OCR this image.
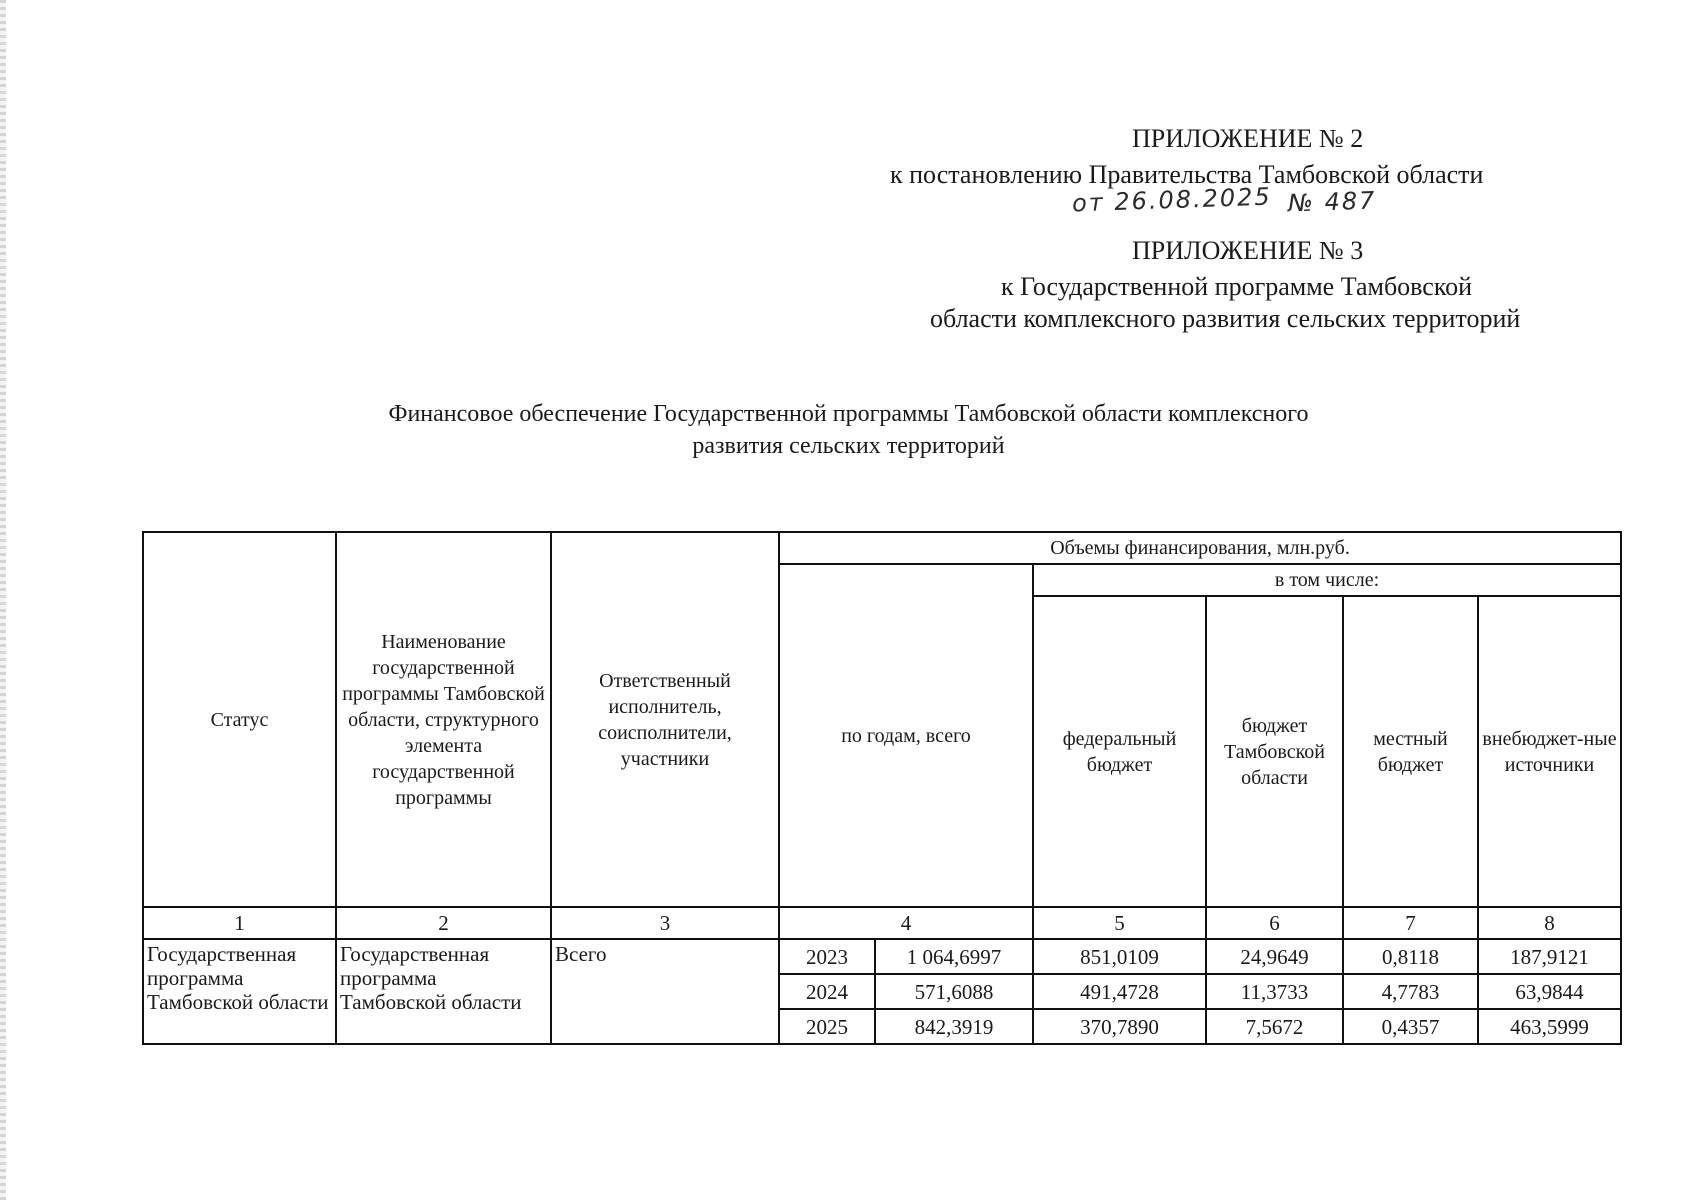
ПРИЛОЖЕНИЕ № 2
к постановлению Правительства Тамбовской области
от 26.08.2025 № 487
ПРИЛОЖЕНИЕ № 3
к Государственной программе Тамбовской
области комплексного развития сельских территорий
Финансовое обеспечение Государственной программы Тамбовской области комплексного
развития сельских территорий
Статус	Наименование государственной программы Тамбовской области, структурного элемента государственной программы	Ответственный исполнитель, соисполнители, участники	Объемы финансирования, млн.руб.					
			по годам, всего		в том числе:			
					федеральный бюджет	бюджет Тамбовской области	местный бюджет	внебюджет-ные источники

1	2	3	4		5	6	7	8
Государственная программа Тамбовской области	Государственная программа Тамбовской области	Всего	2023	1 064,6997	851,0109	24,9649	0,8118	187,9121
			2024	571,6088	491,4728	11,3733	4,7783	63,9844
			2025	842,3919	370,7890	7,5672	0,4357	463,5999
